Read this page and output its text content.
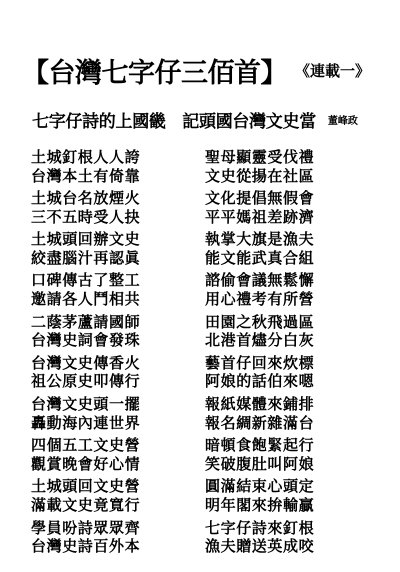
【台灣七字仔三佰首】 《連載一》
七字仔詩的上國畿　記頭國台灣文史當 董峰政
土城釘根人人誇	聖母顯靈受伐禮
台灣本土有倚靠	文史從揚在社區
土城台名放煙火	文化提倡無假會
三不五時受人抉	平平媽祖差跡濟
土城頭回辦文史	執掌大旗是漁夫
絞盡腦汁再認眞	能文能武真合組
口碑傳古了整工	諮偷會議無鬆懈
邀請各人鬥相共	用心禮考有所營
二蔭茅蘆請國師	田園之秋飛過區
台灣史詞會發珠	北港首燼分白灰
台灣文史傳香火	藝首仔回來炊標
祖公原史叩傳行	阿娘的話伯來嗯
台灣文史頭一擺	報紙媒體來鋪排
轟動海內連世界	報名綢新雜滿台
四個五工文史營	暗頓食飽緊起行
觀賞晚會好心情	笑破腹肚叫阿娘
土城頭回文史營	圓滿結束心頭定
滿載文史竟寬行	明年閣來拚輸贏
學員吩詩眾眾齊	七字仔詩來釘根
台灣史詩百外本	漁夫贈送英成咬
